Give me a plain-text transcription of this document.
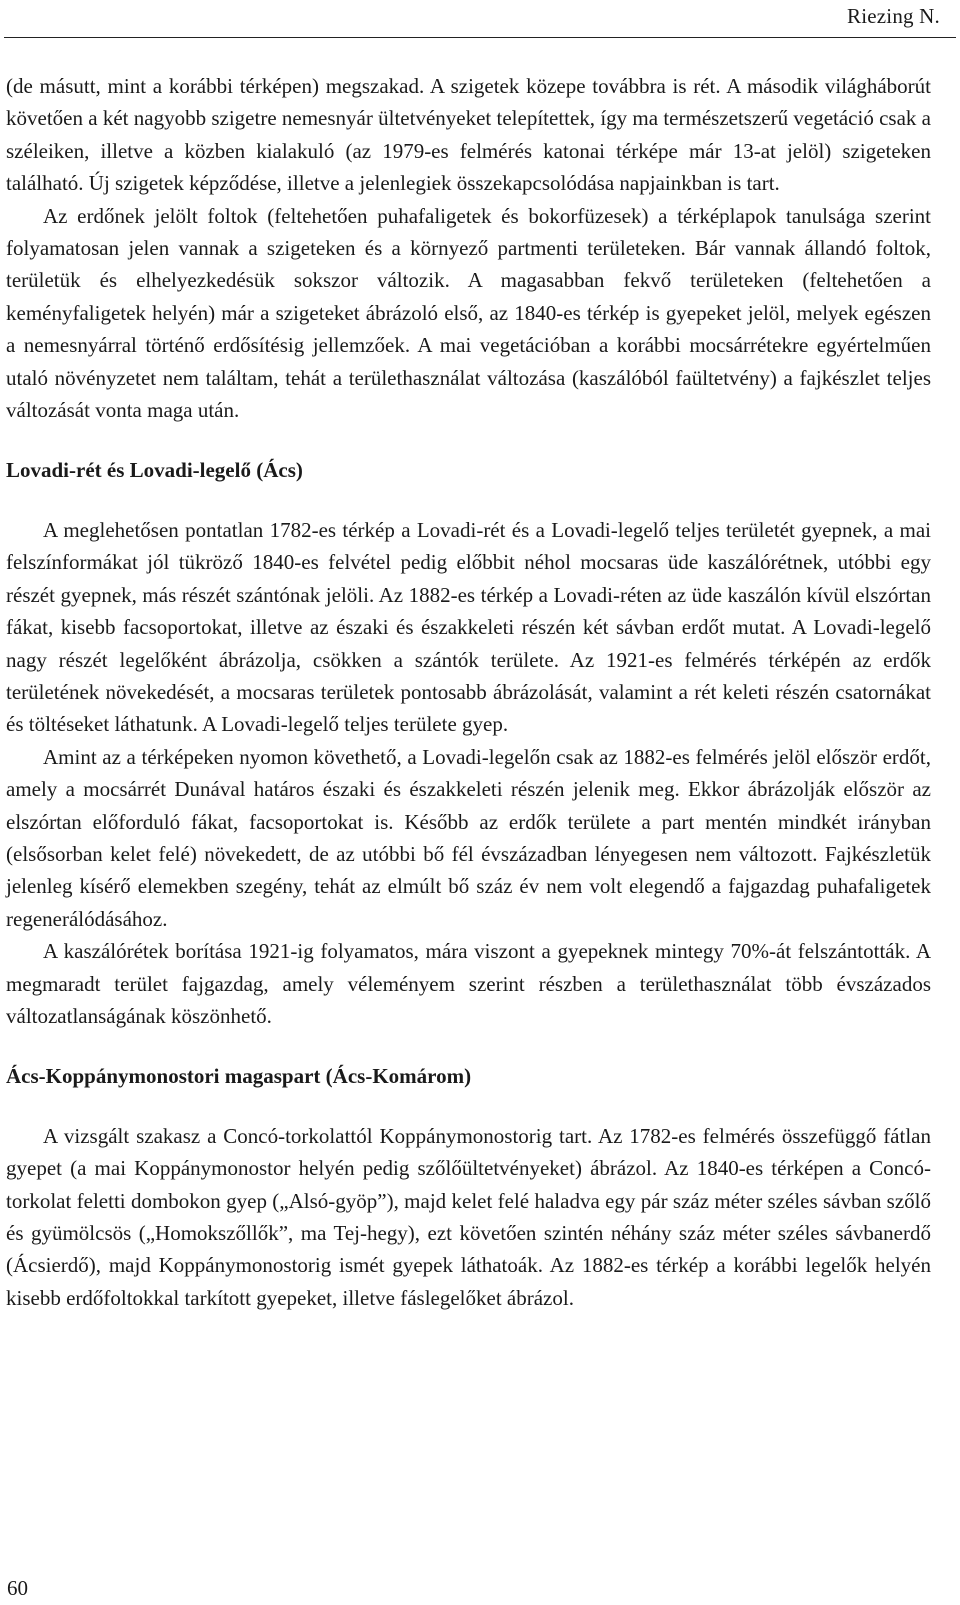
Riezing N.

(de másutt, mint a korábbi térképen) megszakad. A szigetek közepe továbbra is rét. A második világháborút követően a két nagyobb szigetre nemesnyár ültetvényeket telepítettek, így ma természetszerű vegetáció csak a széleiken, illetve a közben kialakuló (az 1979-es felmérés katonai térképe már 13-at jelöl) szigeteken található. Új szigetek képződése, illetve a jelenlegiek összekapcsolódása napjainkban is tart.

Az erdőnek jelölt foltok (feltehetően puhafaligetek és bokorfüzesek) a térképlapok tanulsága szerint folyamatosan jelen vannak a szigeteken és a környező partmenti területeken. Bár vannak állandó foltok, területük és elhelyezkedésük sokszor változik. A magasabban fekvő területeken (feltehetően a keményfaligetek helyén) már a szigeteket ábrázoló első, az 1840-es térkép is gyepeket jelöl, melyek egészen a nemesnyárral történő erdősítésig jellemzőek. A mai vegetációban a korábbi mocsárrétekre egyértelműen utaló növényzetet nem találtam, tehát a területhasználat változása (kaszálóból faültetvény) a fajkészlet teljes változását vonta maga után.

Lovadi-rét és Lovadi-legelő (Ács)

A meglehetősen pontatlan 1782-es térkép a Lovadi-rét és a Lovadi-legelő teljes területét gyepnek, a mai felszínformákat jól tükröző 1840-es felvétel pedig előbbit néhol mocsaras üde kaszálórétnek, utóbbi egy részét gyepnek, más részét szántónak jelöli. Az 1882-es térkép a Lovadi-réten az üde kaszálón kívül elszórtan fákat, kisebb facsoportokat, illetve az északi és északkeleti részén két sávban erdőt mutat. A Lovadi-legelő nagy részét legelőként ábrázolja, csökken a szántók területe. Az 1921-es felmérés térképén az erdők területének növekedését, a mocsaras területek pontosabb ábrázolását, valamint a rét keleti részén csatornákat és töltéseket láthatunk. A Lovadi-legelő teljes területe gyep.

Amint az a térképeken nyomon követhető, a Lovadi-legelőn csak az 1882-es felmérés jelöl először erdőt, amely a mocsárrét Dunával határos északi és északkeleti részén jelenik meg. Ekkor ábrázolják először az elszórtan előforduló fákat, facsoportokat is. Később az erdők területe a part mentén mindkét irányban (elsősorban kelet felé) növekedett, de az utóbbi bő fél évszázadban lényegesen nem változott. Fajkészletük jelenleg kísérő elemekben szegény, tehát az elmúlt bő száz év nem volt elegendő a fajgazdag puhafaligetek regenerálódásához.

A kaszálórétek borítása 1921-ig folyamatos, mára viszont a gyepeknek mintegy 70%-át felszántották. A megmaradt terület fajgazdag, amely véleményem szerint részben a területhasználat több évszázados változatlanságának köszönhető.

Ács-Koppánymonostori magaspart (Ács-Komárom)

A vizsgált szakasz a Concó-torkolattól Koppánymonostorig tart. Az 1782-es felmérés összefüggő fátlan gyepet (a mai Koppánymonostor helyén pedig szőlőültetvényeket) ábrázol. Az 1840-es térképen a Concó-torkolat feletti dombokon gyep („Alsó-gyöp”), majd kelet felé haladva egy pár száz méter széles sávban szőlő és gyümölcsös („Homokszőllők”, ma Tej-hegy), ezt követően szintén néhány száz méter széles sávbanerdő (Ácsierdő), majd Koppánymonostorig ismét gyepek láthatoák. Az 1882-es térkép a korábbi legelők helyén kisebb erdőfoltokkal tarkított gyepeket, illetve fáslegelőket ábrázol.

60
